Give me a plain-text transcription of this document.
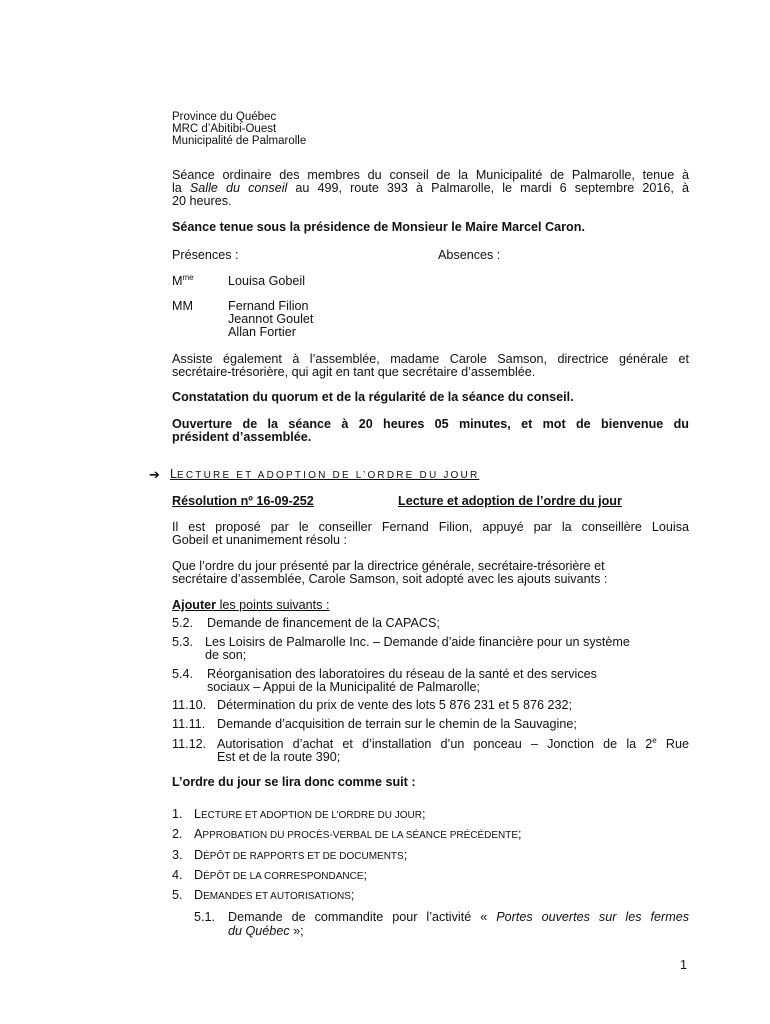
Province du Québec
MRC d’Abitibi-Ouest
Municipalité de Palmarolle
Séance ordinaire des membres du conseil de la Municipalité de Palmarolle, tenue à
la Salle du conseil au 499, route 393 à Palmarolle, le mardi 6 septembre 2016, à
20 heures.
Séance tenue sous la présidence de Monsieur le Maire Marcel Caron.
Présences :	Absences :
$M^{me}$	Louisa Gobeil
MM	Fernand Filion
Jeannot Goulet
Allan Fortier
Assiste également à l’assemblée, madame Carole Samson, directrice générale et
secrétaire-trésorière, qui agit en tant que secrétaire d’assemblée.
Constatation du quorum et de la régularité de la séance du conseil.
Ouverture de la séance à 20 heures 05 minutes, et mot de bienvenue du
président d’assemblée.
➔ LECTURE ET ADOPTION DE L’ORDRE DU JOUR
Résolution nº 16-09-252	Lecture et adoption de l’ordre du jour
Il est proposé par le conseiller Fernand Filion, appuyé par la conseillère Louisa
Gobeil et unanimement résolu :
Que l’ordre du jour présenté par la directrice générale, secrétaire-trésorière et
secrétaire d’assemblée, Carole Samson, soit adopté avec les ajouts suivants :
Ajouter les points suivants :
5.2. Demande de financement de la CAPACS;
5.3. Les Loisirs de Palmarolle Inc. – Demande d’aide financière pour un système
de son;
5.4. Réorganisation des laboratoires du réseau de la santé et des services
sociaux – Appui de la Municipalité de Palmarolle;
11.10. Détermination du prix de vente des lots 5 876 231 et 5 876 232;
11.11. Demande d’acquisition de terrain sur le chemin de la Sauvagine;
11.12. Autorisation d’achat et d’installation d’un ponceau – Jonction de la 2e Rue
Est et de la route 390;
L’ordre du jour se lira donc comme suit :
1. LECTURE ET ADOPTION DE L’ORDRE DU JOUR;
2. APPROBATION DU PROCÈS-VERBAL DE LA SÉANCE PRÉCÉDENTE;
3. DÉPÔT DE RAPPORTS ET DE DOCUMENTS;
4. DÉPÔT DE LA CORRESPONDANCE;
5. DEMANDES ET AUTORISATIONS;
5.1. Demande de commandite pour l’activité « Portes ouvertes sur les fermes
du Québec »;
1
